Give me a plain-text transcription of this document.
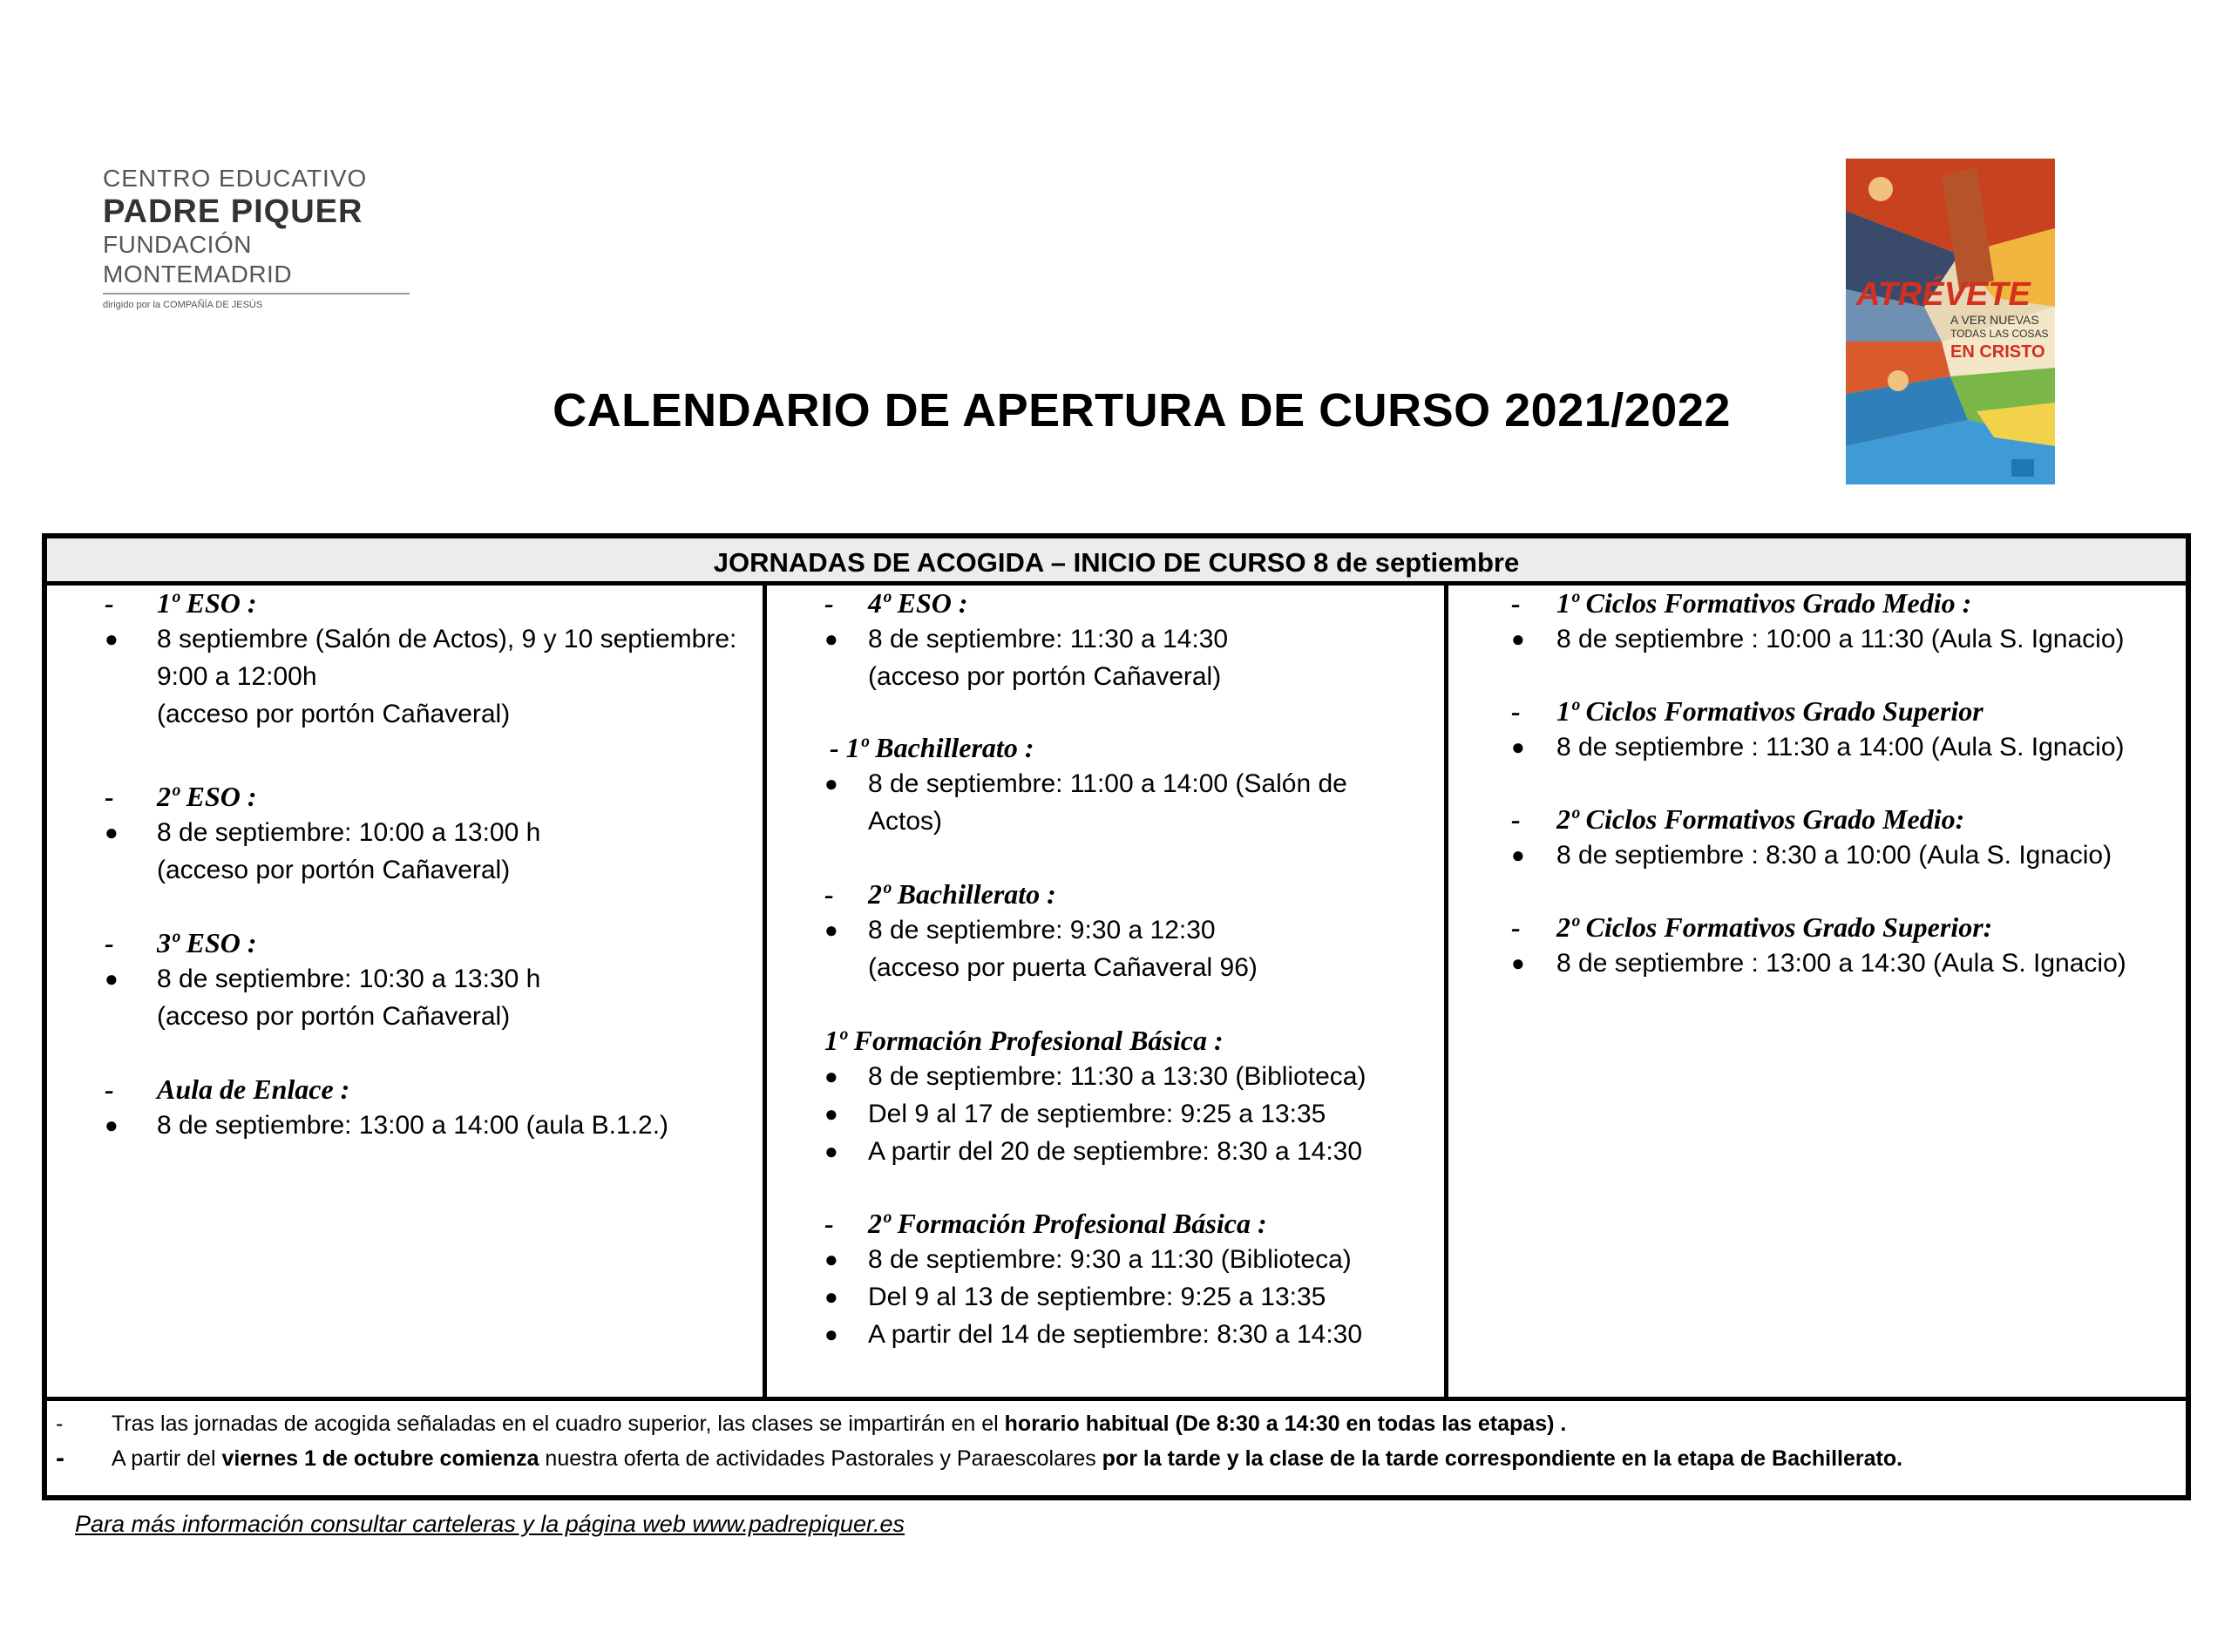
CENTRO EDUCATIVO
PADRE PIQUER
FUNDACIÓN MONTEMADRID
dirigido por la COMPAÑÍA DE JESÚS	ATRÉVETE
A VER NUEVAS
TODAS LAS COSAS
EN CRISTO
CALENDARIO DE APERTURA DE CURSO 2021/2022
JORNADAS DE ACOGIDA – INICIO DE CURSO 8 de septiembre
- 1º ESO :
● 8 septiembre (Salón de Actos), 9 y 10 septiembre:
9:00 a 12:00h
(acceso por portón Cañaveral)
- 2º ESO :
● 8 de septiembre: 10:00 a 13:00 h
(acceso por portón Cañaveral)
- 3º ESO :
● 8 de septiembre: 10:30 a 13:30 h
(acceso por portón Cañaveral)
- Aula de Enlace :
● 8 de septiembre: 13:00 a 14:00 (aula B.1.2.)
- 4º ESO :
● 8 de septiembre: 11:30 a 14:30
(acceso por portón Cañaveral)
- 1º Bachillerato :
● 8 de septiembre: 11:00 a 14:00 (Salón de
Actos)
- 2º Bachillerato :
● 8 de septiembre: 9:30 a 12:30
(acceso por puerta Cañaveral 96)
1º Formación Profesional Básica :
● 8 de septiembre: 11:30 a 13:30 (Biblioteca)
● Del 9 al 17 de septiembre: 9:25 a 13:35
● A partir del 20 de septiembre: 8:30 a 14:30
- 2º Formación Profesional Básica :
● 8 de septiembre: 9:30 a 11:30 (Biblioteca)
● Del 9 al 13 de septiembre: 9:25 a 13:35
● A partir del 14 de septiembre: 8:30 a 14:30
- 1º Ciclos Formativos Grado Medio :
● 8 de septiembre : 10:00 a 11:30 (Aula S. Ignacio)
- 1º Ciclos Formativos Grado Superior
● 8 de septiembre : 11:30 a 14:00 (Aula S. Ignacio)
- 2º Ciclos Formativos Grado Medio:
● 8 de septiembre : 8:30 a 10:00 (Aula S. Ignacio)
- 2º Ciclos Formativos Grado Superior:
● 8 de septiembre : 13:00 a 14:30 (Aula S. Ignacio)
- Tras las jornadas de acogida señaladas en el cuadro superior, las clases se impartirán en el horario habitual (De 8:30 a 14:30 en todas las etapas) .
- A partir del viernes 1 de octubre comienza nuestra oferta de actividades Pastorales y Paraescolares por la tarde y la clase de la tarde correspondiente en la etapa de Bachillerato.
Para más información consultar carteleras y la página web www.padrepiquer.es
